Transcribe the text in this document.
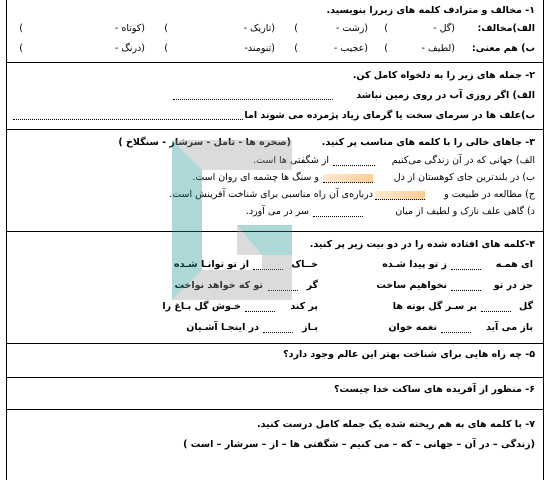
۱- مخالف و مترادف کلمه های زیررا بنویسید.
الف)مخالف:
(گل -
)
(زشت -
)
(تاریک -
)
(کوتاه -
)
ب) هم معنی:
(لطیف -
)
(عجیب -
)
(تنومند-
)
(درنگ -
)
۲- جمله های زیر را به دلخواه کامل کن.
الف) اگر روزی آب در روی زمین نباشد
ب)علف ها در سرمای سخت یا گرمای زیاد پژمرده می شوند اما
۳- جاهای خالی را با کلمه های مناسب پر کنید.
(صخره ها - تامل - سرشار - سنگلاخ )
الف) جهانی که در آن زندگی می‌کنیم
از شگفتی ها است.
ب) در بلندترین جای کوهستان از دل
و سنگ ها چشمه ای روان است.
ج) مطالعه در طبیعت و
درباره‌ی آن راه مناسبی برای شناخت آفرینش است.
د) گاهی علف نازک و لطیف از میان
سر در می آورد.
۴-کلمه های افتاده شده را در دو بیت زیر پر کنید.
ای همـه
ز تو پیدا شـده
خــاک
از تو توانـا شـده
جز در تو
نخواهیم ساخت
گر
تو که خواهد نواخت
گل
بر سـر گل بوته ها
پر کند
خـوش گل بـاغ را
باز می آید
نغمه خوان
بـاز
در اینجـا آشـیان
۵- چه راه هایی برای شناخت بهتر این عالم وجود دارد؟
۶- منظور از آفریده های ساکت خدا چیست؟
۷- با کلمه های به هم ریخته شده یک جمله کامل درست کنید.
(زندگی – در آن – جهانی – که – می کنیم – شگفتی ها – از – سرشار – است )
